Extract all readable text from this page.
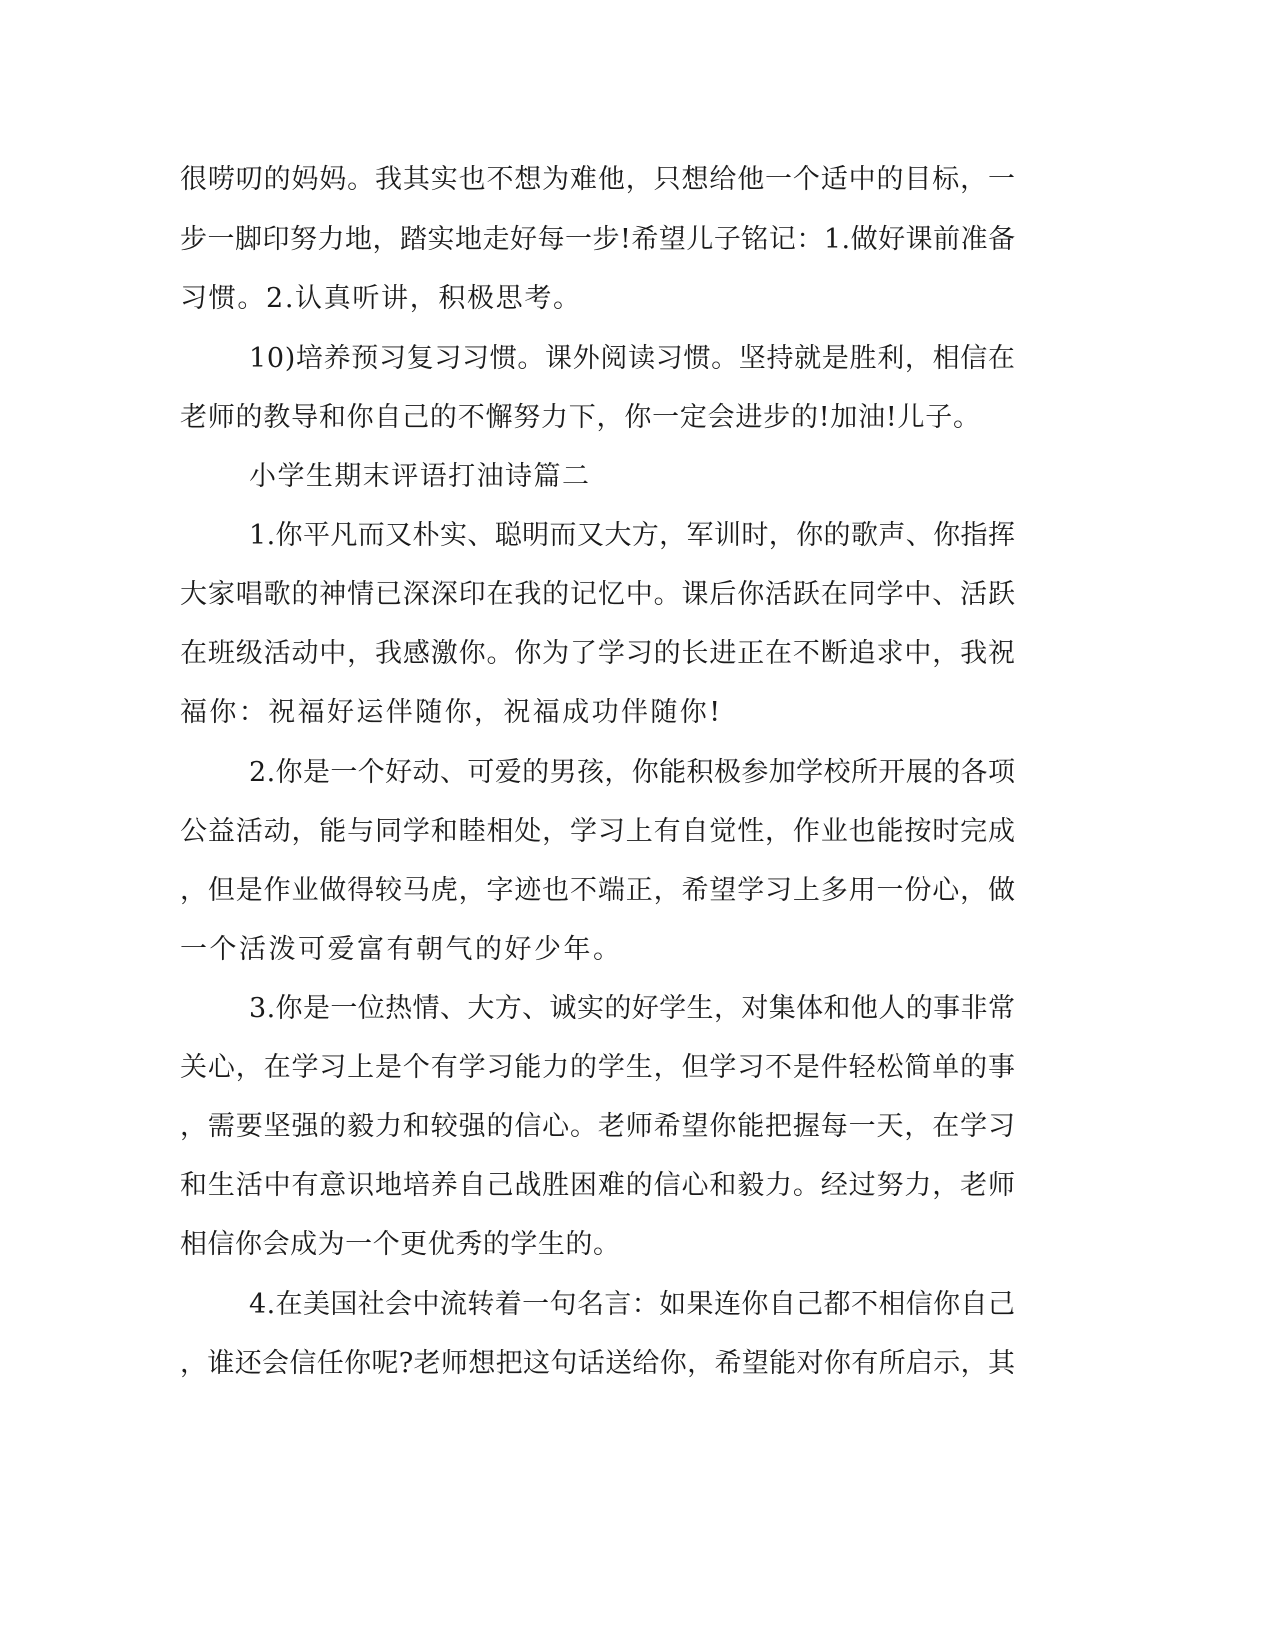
很唠叨的妈妈。我其实也不想为难他，只想给他一个适中的目标，一
步一脚印努力地，踏实地走好每一步!希望儿子铭记：1.做好课前准备
习惯。2.认真听讲，积极思考。
10)培养预习复习习惯。课外阅读习惯。坚持就是胜利，相信在
老师的教导和你自己的不懈努力下，你一定会进步的!加油!儿子。
小学生期末评语打油诗篇二
1.你平凡而又朴实、聪明而又大方，军训时，你的歌声、你指挥
大家唱歌的神情已深深印在我的记忆中。课后你活跃在同学中、活跃
在班级活动中，我感激你。你为了学习的长进正在不断追求中，我祝
福你：祝福好运伴随你，祝福成功伴随你!
2.你是一个好动、可爱的男孩，你能积极参加学校所开展的各项
公益活动，能与同学和睦相处，学习上有自觉性，作业也能按时完成
，但是作业做得较马虎，字迹也不端正，希望学习上多用一份心，做
一个活泼可爱富有朝气的好少年。
3.你是一位热情、大方、诚实的好学生，对集体和他人的事非常
关心，在学习上是个有学习能力的学生，但学习不是件轻松简单的事
，需要坚强的毅力和较强的信心。老师希望你能把握每一天，在学习
和生活中有意识地培养自己战胜困难的信心和毅力。经过努力，老师
相信你会成为一个更优秀的学生的。
4.在美国社会中流转着一句名言：如果连你自己都不相信你自己
，谁还会信任你呢?老师想把这句话送给你，希望能对你有所启示，其
